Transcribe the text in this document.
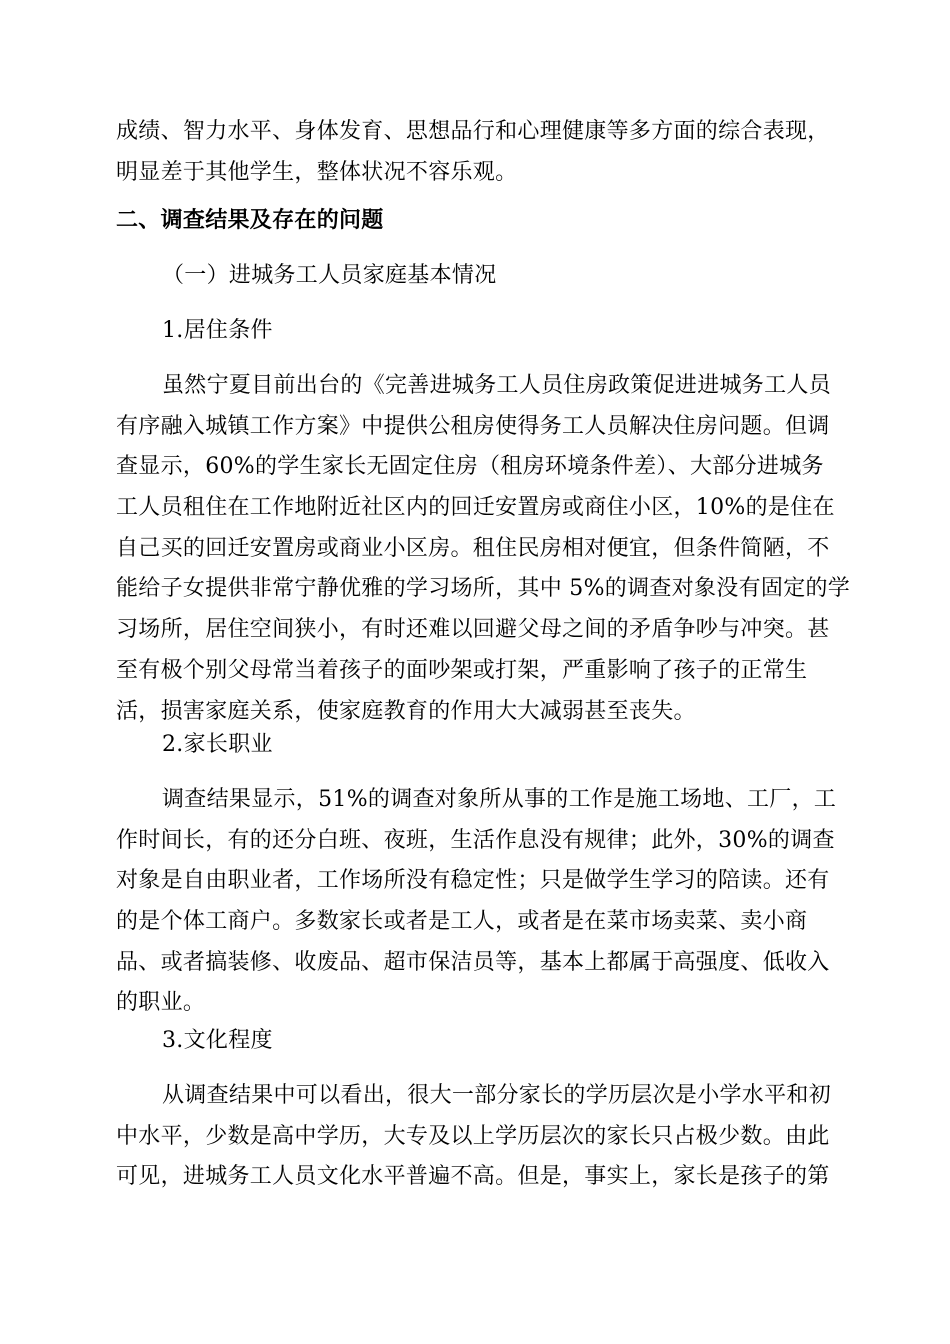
成绩、智力水平、身体发育、思想品行和心理健康等多方面的综合表现，
明显差于其他学生，整体状况不容乐观。
二、调查结果及存在的问题
（一）进城务工人员家庭基本情况
1.居住条件
虽然宁夏目前出台的《完善进城务工人员住房政策促进进城务工人员
有序融入城镇工作方案》中提供公租房使得务工人员解决住房问题。但调
查显示，60%的学生家长无固定住房（租房环境条件差）、大部分进城务
工人员租住在工作地附近社区内的回迁安置房或商住小区，10%的是住在
自己买的回迁安置房或商业小区房。租住民房相对便宜，但条件简陋，不
能给子女提供非常宁静优雅的学习场所，其中 5%的调查对象没有固定的学
习场所，居住空间狭小，有时还难以回避父母之间的矛盾争吵与冲突。甚
至有极个别父母常当着孩子的面吵架或打架，严重影响了孩子的正常生
活，损害家庭关系，使家庭教育的作用大大减弱甚至丧失。
2.家长职业
调查结果显示，51%的调查对象所从事的工作是施工场地、工厂，工
作时间长，有的还分白班、夜班，生活作息没有规律；此外，30%的调查
对象是自由职业者，工作场所没有稳定性；只是做学生学习的陪读。还有
的是个体工商户。多数家长或者是工人，或者是在菜市场卖菜、卖小商
品、或者搞装修、收废品、超市保洁员等，基本上都属于高强度、低收入
的职业。
3.文化程度
从调查结果中可以看出，很大一部分家长的学历层次是小学水平和初
中水平，少数是高中学历，大专及以上学历层次的家长只占极少数。由此
可见，进城务工人员文化水平普遍不高。但是，事实上，家长是孩子的第
